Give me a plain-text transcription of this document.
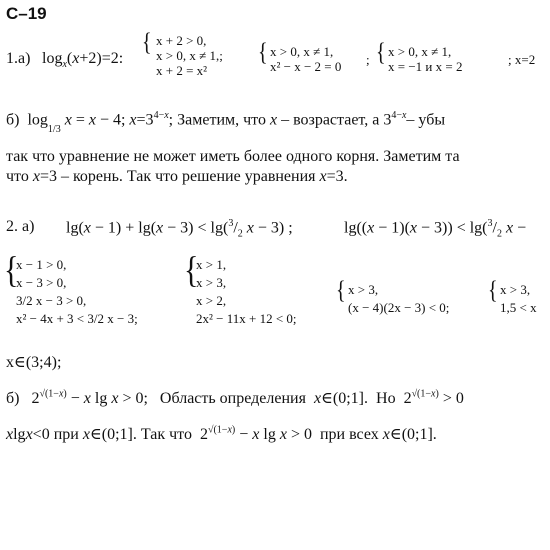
С–19
1.а) $\log_x(x+2)=2$:
{ x + 2 > 0,
x > 0, x ≠ 1,;
x + 2 = x²
{ x > 0, x ≠ 1,
x² − x − 2 = 0 ; { x > 0, x ≠ 1,
x = −1 и x = 2	; x=2
б)  $\log_{_{1/3}} x = x - 4$; $x=3^{4-x}$; Заметим, что x – возрастает, а $3^{4-x}-$ убы
так что уравнение не может иметь более одного корня. Заметим та
что x=3 – корень. Так что решение уравнения x=3.
2. а) $\lg(x - 1) + \lg(x - 3) < \lg(^3/_2$ x − 3) ;	$\lg((x - 1)(x - 3)) < \lg(^3/_2$ x −
{
x − 1 > 0,
x − 3 > 0,
3/2 x − 3 > 0,
x² − 4x + 3 < 3/2 x − 3;
{
x > 1,
x > 3,
x > 2,
2x² − 11x + 12 < 0;
{ x > 3,
(x − 4)(2x − 3) < 0;
{ x > 3,
1,5 < x
x∈(3;4);
б)   $2^{√(1-x)} - x$ lg x > 0;   Область определения  x∈(0;1].  Но  $2^{√(1-x)} > 0$
xlgx<0 при x∈(0;1]. Так что  $2^{√(1-x)} - x$ lg x > 0  при всех x∈(0;1].
